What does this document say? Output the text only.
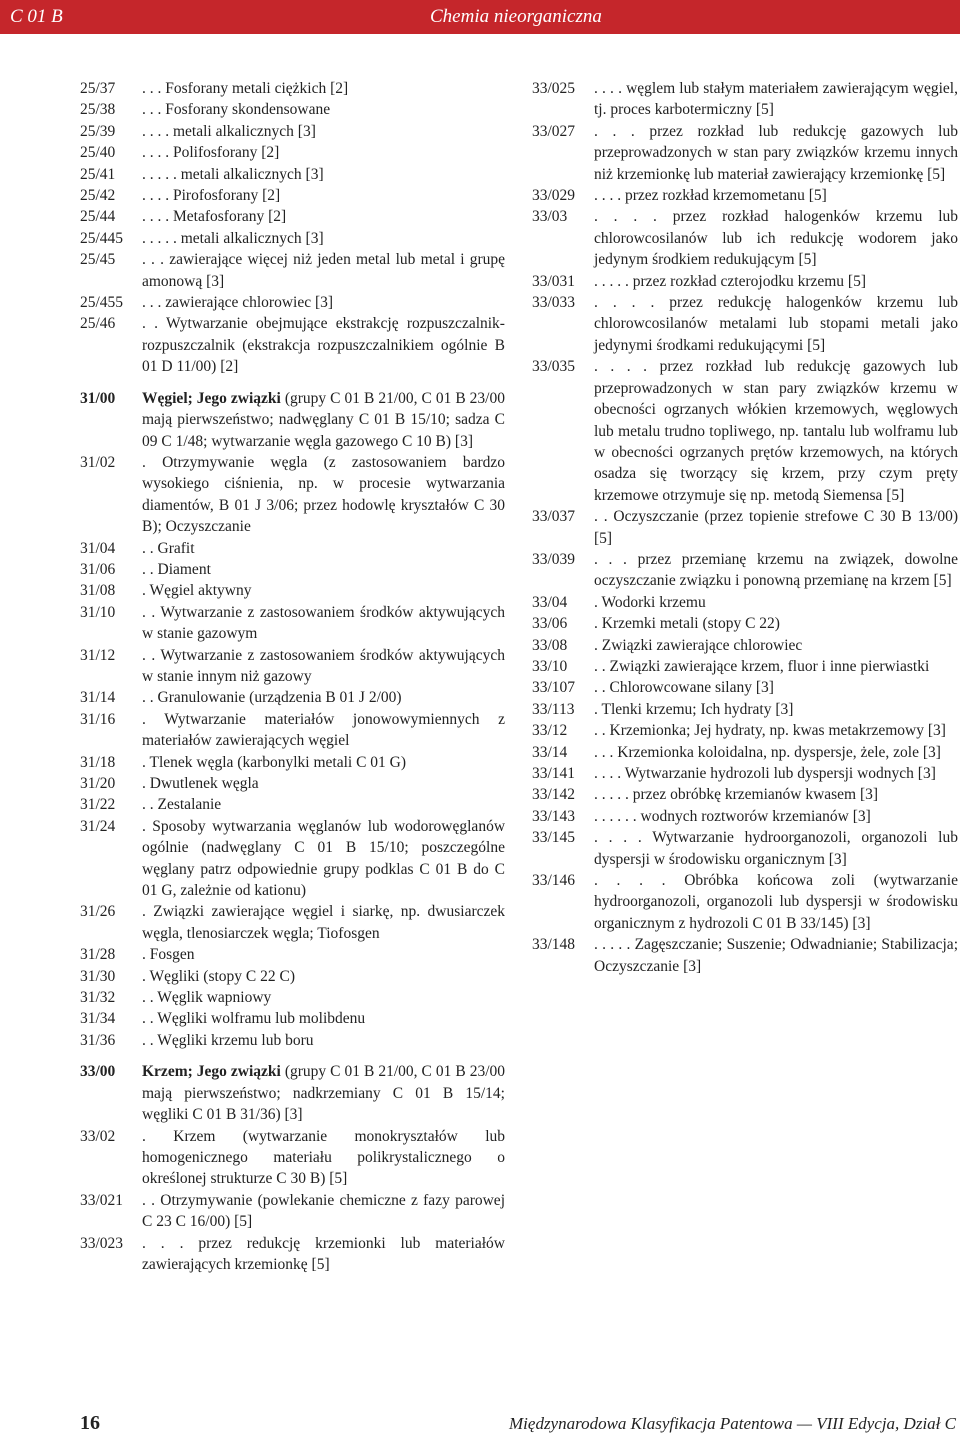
C 01 B	Chemia nieorganiczna
25/37	. . . Fosforany metali ciężkich [2]
25/38	. . . Fosforany skondensowane
25/39	. . . . metali alkalicznych [3]
25/40	. . . . Polifosforany [2]
25/41	. . . . . metali alkalicznych [3]
25/42	. . . . Pirofosforany [2]
25/44	. . . . Metafosforany [2]
25/445	. . . . . metali alkalicznych [3]
25/45	. . . zawierające więcej niż jeden metal lub metal i grupę amonową [3]
25/455	. . . zawierające chlorowiec [3]
25/46	. . Wytwarzanie obejmujące ekstrakcję rozpuszczalnik-rozpuszczalnik (ekstrakcja rozpuszczalnikiem ogólnie B 01 D 11/00) [2]
31/00	Węgiel; Jego związki (grupy C 01 B 21/00, C 01 B 23/00 mają pierwszeństwo; nadwęglany C 01 B 15/10; sadza C 09 C 1/48; wytwarzanie węgla gazowego C 10 B) [3]
31/02	. Otrzymywanie węgla (z zastosowaniem bardzo wysokiego ciśnienia, np. w procesie wytwarzania diamentów, B 01 J 3/06; przez hodowlę kryształów C 30 B); Oczyszczanie
31/04	. . Grafit
31/06	. . Diament
31/08	. Węgiel aktywny
31/10	. . Wytwarzanie z zastosowaniem środków aktywujących w stanie gazowym
31/12	. . Wytwarzanie z zastosowaniem środków aktywujących w stanie innym niż gazowy
31/14	. . Granulowanie (urządzenia B 01 J 2/00)
31/16	. Wytwarzanie materiałów jonowowymiennych z materiałów zawierających węgiel
31/18	. Tlenek węgla (karbonylki metali C 01 G)
31/20	. Dwutlenek węgla
31/22	. . Zestalanie
31/24	. Sposoby wytwarzania węglanów lub wodorowęglanów ogólnie (nadwęglany C 01 B 15/10; poszczególne węglany patrz odpowiednie grupy podklas C 01 B do C 01 G, zależnie od kationu)
31/26	. Związki zawierające węgiel i siarkę, np. dwusiarczek węgla, tlenosiarczek węgla; Tiofosgen
31/28	. Fosgen
31/30	. Węgliki (stopy C 22 C)
31/32	. . Węglik wapniowy
31/34	. . Węgliki wolframu lub molibdenu
31/36	. . Węgliki krzemu lub boru
33/00	Krzem; Jego związki (grupy C 01 B 21/00, C 01 B 23/00 mają pierwszeństwo; nadkrzemiany C 01 B 15/14; węgliki C 01 B 31/36) [3]
33/02	. Krzem (wytwarzanie monokryształów lub homogenicznego materiału polikrystalicznego o określonej strukturze C 30 B) [5]
33/021	. . Otrzymywanie (powlekanie chemiczne z fazy parowej C 23 C 16/00) [5]
33/023	. . . przez redukcję krzemionki lub materiałów zawierających krzemionkę [5]
33/025	. . . . węglem lub stałym materiałem zawierającym węgiel, tj. proces karbotermiczny [5]
33/027	. . . przez rozkład lub redukcję gazowych lub przeprowadzonych w stan pary związków krzemu innych niż krzemionkę lub materiał zawierający krzemionkę [5]
33/029	. . . . przez rozkład krzemometanu [5]
33/03	. . . . przez rozkład halogenków krzemu lub chlorowcosilanów lub ich redukcję wodorem jako jedynym środkiem redukującym [5]
33/031	. . . . . przez rozkład czterojodku krzemu [5]
33/033	. . . . przez redukcję halogenków krzemu lub chlorowcosilanów metalami lub stopami metali jako jedynymi środkami redukującymi [5]
33/035	. . . . przez rozkład lub redukcję gazowych lub przeprowadzonych w stan pary związków krzemu w obecności ogrzanych włókien krzemowych, węglowych lub metalu trudno topliwego, np. tantalu lub wolframu lub w obecności ogrzanych prętów krzemowych, na których osadza się tworzący się krzem, przy czym pręty krzemowe otrzymuje się np. metodą Siemensa [5]
33/037	. . Oczyszczanie (przez topienie strefowe C 30 B 13/00) [5]
33/039	. . . przez przemianę krzemu na związek, dowolne oczyszczanie związku i ponowną przemianę na krzem [5]
33/04	. Wodorki krzemu
33/06	. Krzemki metali (stopy C 22)
33/08	. Związki zawierające chlorowiec
33/10	. . Związki zawierające krzem, fluor i inne pierwiastki
33/107	. . Chlorowcowane silany [3]
33/113	. Tlenki krzemu; Ich hydraty [3]
33/12	. . Krzemionka; Jej hydraty, np. kwas metakrzemowy [3]
33/14	. . . Krzemionka koloidalna, np. dyspersje, żele, zole [3]
33/141	. . . . Wytwarzanie hydrozoli lub dyspersji wodnych [3]
33/142	. . . . . przez obróbkę krzemianów kwasem [3]
33/143	. . . . . . wodnych roztworów krzemianów [3]
33/145	. . . . Wytwarzanie hydroorganozoli, organozoli lub dyspersji w środowisku organicznym [3]
33/146	. . . . Obróbka końcowa zoli (wytwarzanie hydroorganozoli, organozoli lub dyspersji w środowisku organicznym z hydrozoli C 01 B 33/145) [3]
33/148	. . . . . Zagęszczanie; Suszenie; Odwadnianie; Stabilizacja; Oczyszczanie [3]
16	Międzynarodowa Klasyfikacja Patentowa — VIII Edycja, Dział C
